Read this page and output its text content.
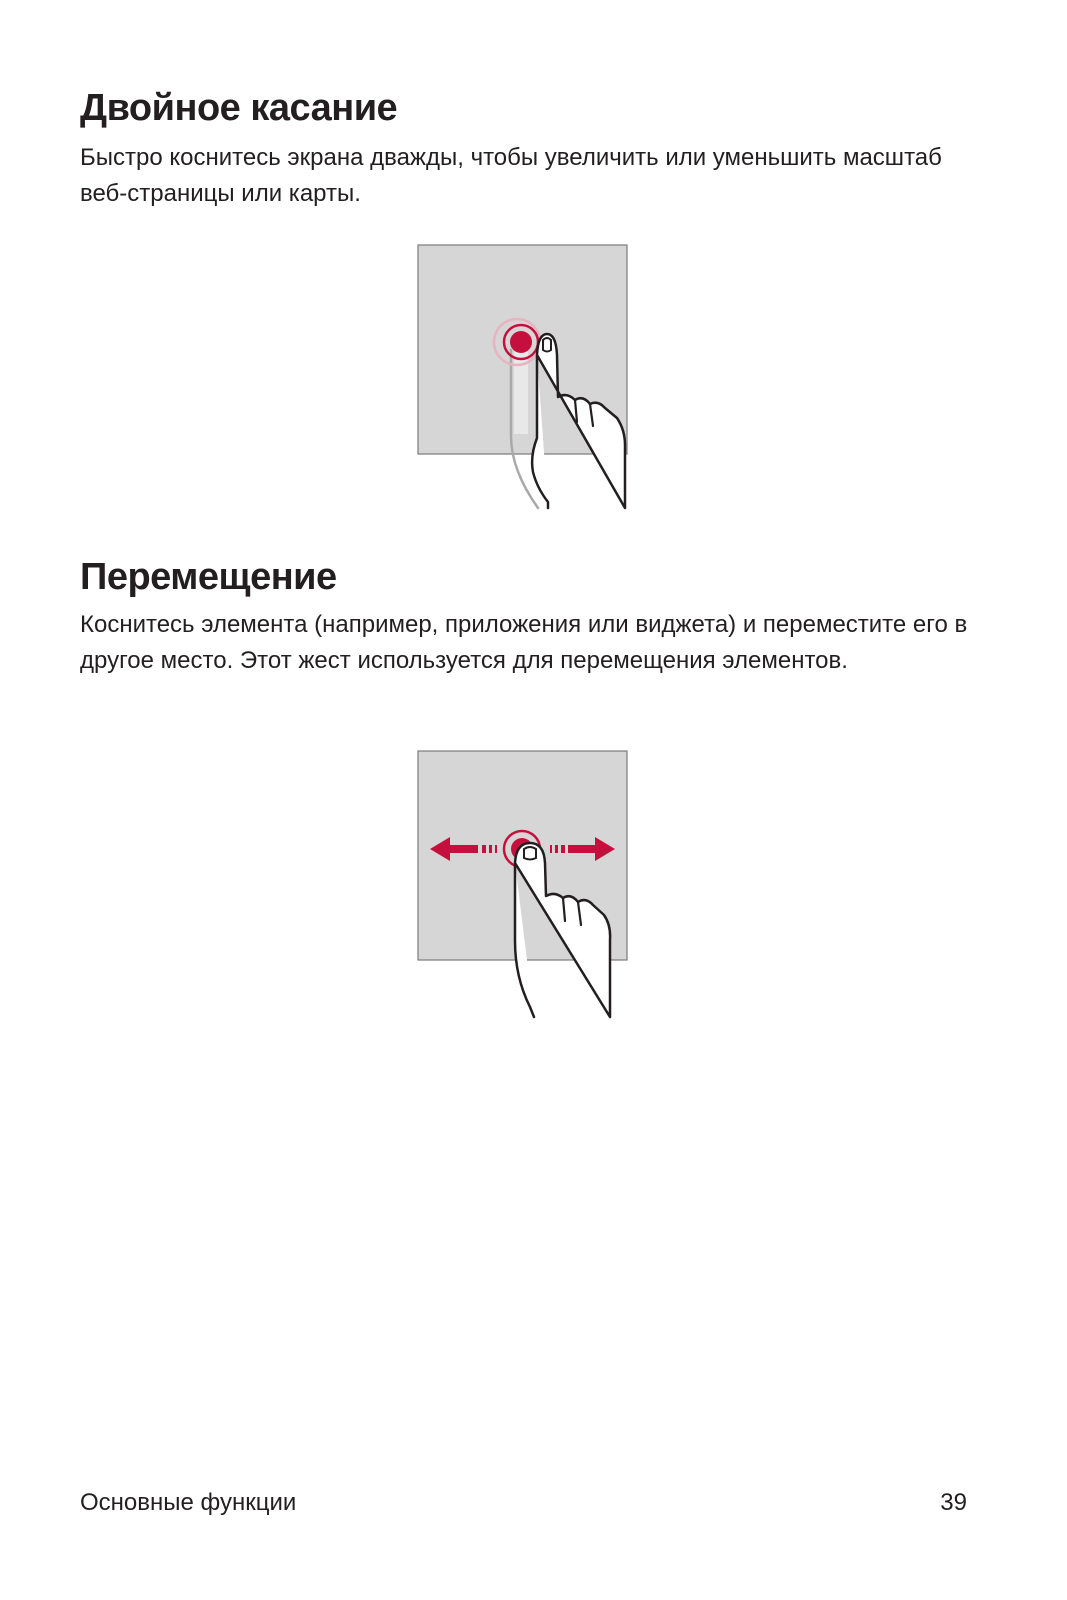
Двойное касание

Быстро коснитесь экрана дважды, чтобы увеличить или уменьшить масштаб веб-страницы или карты.

Перемещение

Коснитесь элемента (например, приложения или виджета) и переместите его в другое место. Этот жест используется для перемещения элементов.

Основные функции	39
